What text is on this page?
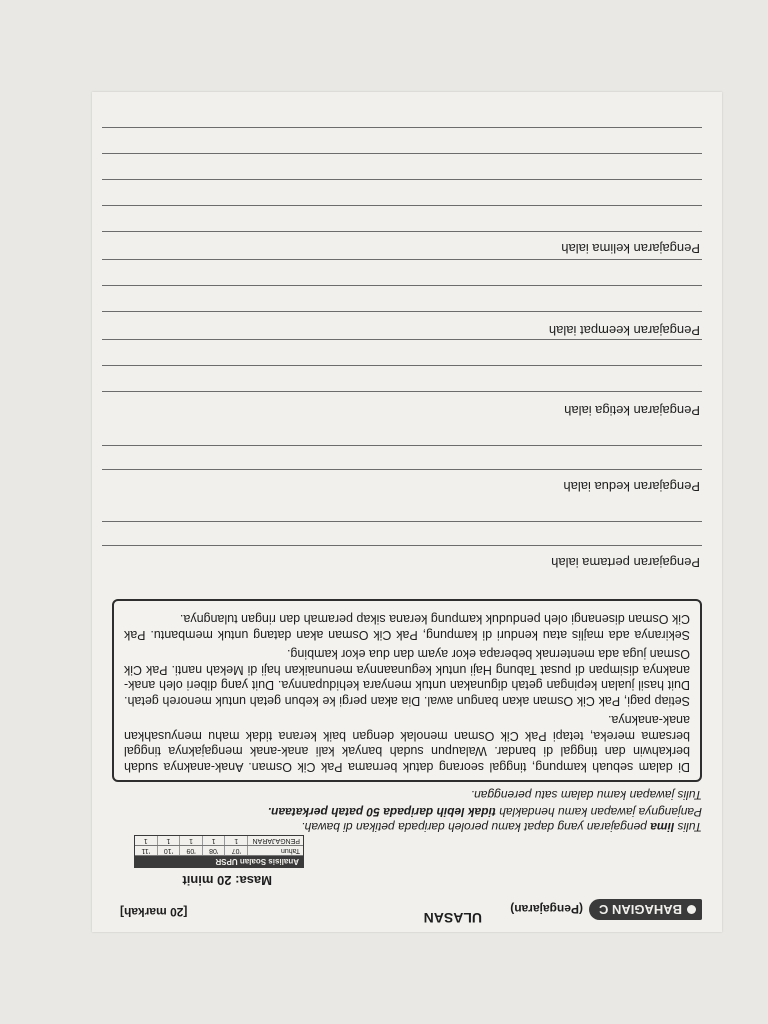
BAHAGIAN C
(Pengajaran)
ULASAN
[20 markah]
Masa: 20 minit
Analisis Soalan UPSR
Tahun
'07
'08
'09
'10
'11
PENGAJARAN
1
1
1
1
1
Tulis lima pengajaran yang dapat kamu peroleh daripada petikan di bawah.
Panjangnya jawapan kamu hendaklah tidak lebih daripada 50 patah perkataan.
Tulis jawapan kamu dalam satu perenggan.

Di dalam sebuah kampung, tinggal seorang datuk bernama Pak Cik Osman. Anak-anaknya sudah berkahwin dan tinggal di bandar. Walaupun sudah banyak kali anak-anak mengajaknya tinggal bersama mereka, tetapi Pak Cik Osman menolak dengan baik kerana tidak mahu menyusahkan anak-anaknya.

Setiap pagi, Pak Cik Osman akan bangun awal. Dia akan pergi ke kebun getah untuk menoreh getah. Duit hasil jualan kepingan getah digunakan untuk menyara kehidupannya. Duit yang diberi oleh anak-anaknya disimpan di pusat Tabung Haji untuk kegunaannya menunaikan haji di Mekah nanti. Pak Cik Osman juga ada menternak beberapa ekor ayam dan dua ekor kambing.

Sekiranya ada majlis atau kenduri di kampung, Pak Cik Osman akan datang untuk membantu. Pak Cik Osman disenangi oleh penduduk kampung kerana sikap peramah dan ringan tulangnya.

Pengajaran pertama ialah
Pengajaran kedua ialah
Pengajaran ketiga ialah
Pengajaran keempat ialah
Pengajaran kelima ialah
